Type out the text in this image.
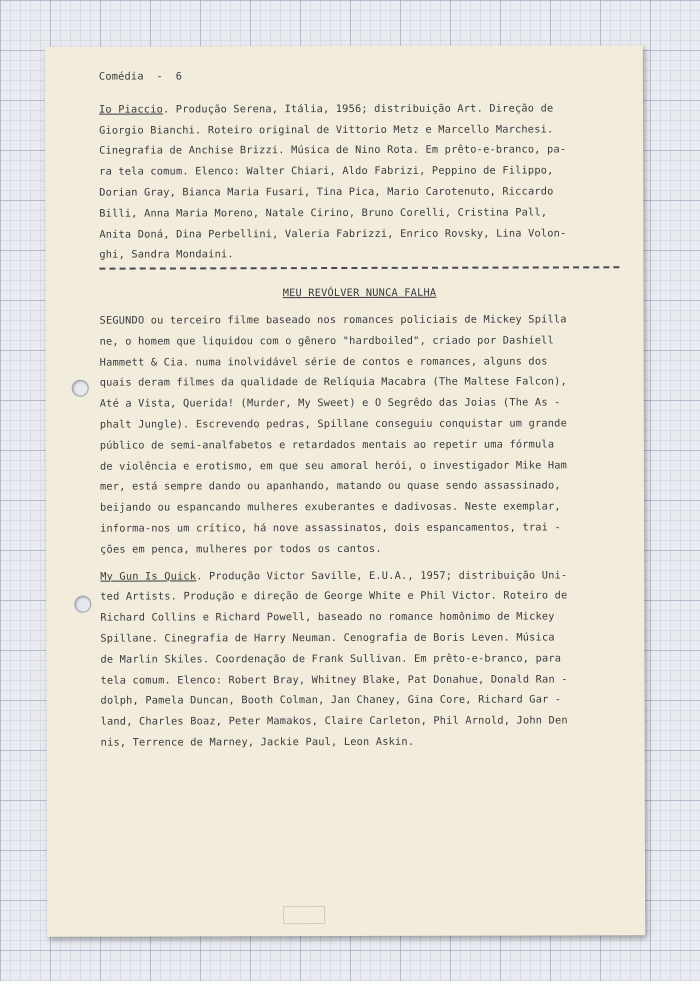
Comédia  -  6
Io Piaccio. Produção Serena, Itália, 1956; distribuição Art. Direção de
Giorgio Bianchi. Roteiro original de Vittorio Metz e Marcello Marchesi.
Cinegrafia de Anchise Brizzi. Música de Nino Rota. Em prêto-e-branco, pa-
ra tela comum. Elenco: Walter Chiari, Aldo Fabrizi, Peppino de Filippo,
Dorian Gray, Bianca Maria Fusari, Tina Pica, Mario Carotenuto, Riccardo
Billi, Anna Maria Moreno, Natale Cirino, Bruno Corelli, Cristina Pall,
Anita Doná, Dina Perbellini, Valeria Fabrizzi, Enrico Rovsky, Lina Volon-
ghi, Sandra Mondaini.
MEU REVÓLVER NUNCA FALHA
SEGUNDO ou terceiro filme baseado nos romances policiais de Mickey Spilla
ne, o homem que liquidou com o gênero "hardboiled", criado por Dashiell
Hammett & Cia. numa inolvidável série de contos e romances, alguns dos
quais deram filmes da qualidade de Relíquia Macabra (The Maltese Falcon),
Até a Vista, Querida! (Murder, My Sweet) e O Segrêdo das Joias (The As -
phalt Jungle). Escrevendo pedras, Spillane conseguiu conquistar um grande
público de semi-analfabetos e retardados mentais ao repetir uma fórmula
de violência e erotismo, em que seu amoral herói, o investigador Mike Ham
mer, está sempre dando ou apanhando, matando ou quase sendo assassinado,
beijando ou espancando mulheres exuberantes e dadivosas. Neste exemplar,
informa-nos um crítico, há nove assassinatos, dois espancamentos, trai -
ções em penca, mulheres por todos os cantos.
My Gun Is Quick. Produção Victor Saville, E.U.A., 1957; distribuição Uni-
ted Artists. Produção e direção de George White e Phil Victor. Roteiro de
Richard Collins e Richard Powell, baseado no romance homônimo de Mickey
Spillane. Cinegrafia de Harry Neuman. Cenografia de Boris Leven. Música
de Marlin Skiles. Coordenação de Frank Sullivan. Em prêto-e-branco, para
tela comum. Elenco: Robert Bray, Whitney Blake, Pat Donahue, Donald Ran -
dolph, Pamela Duncan, Booth Colman, Jan Chaney, Gina Core, Richard Gar -
land, Charles Boaz, Peter Mamakos, Claire Carleton, Phil Arnold, John Den
nis, Terrence de Marney, Jackie Paul, Leon Askin.
